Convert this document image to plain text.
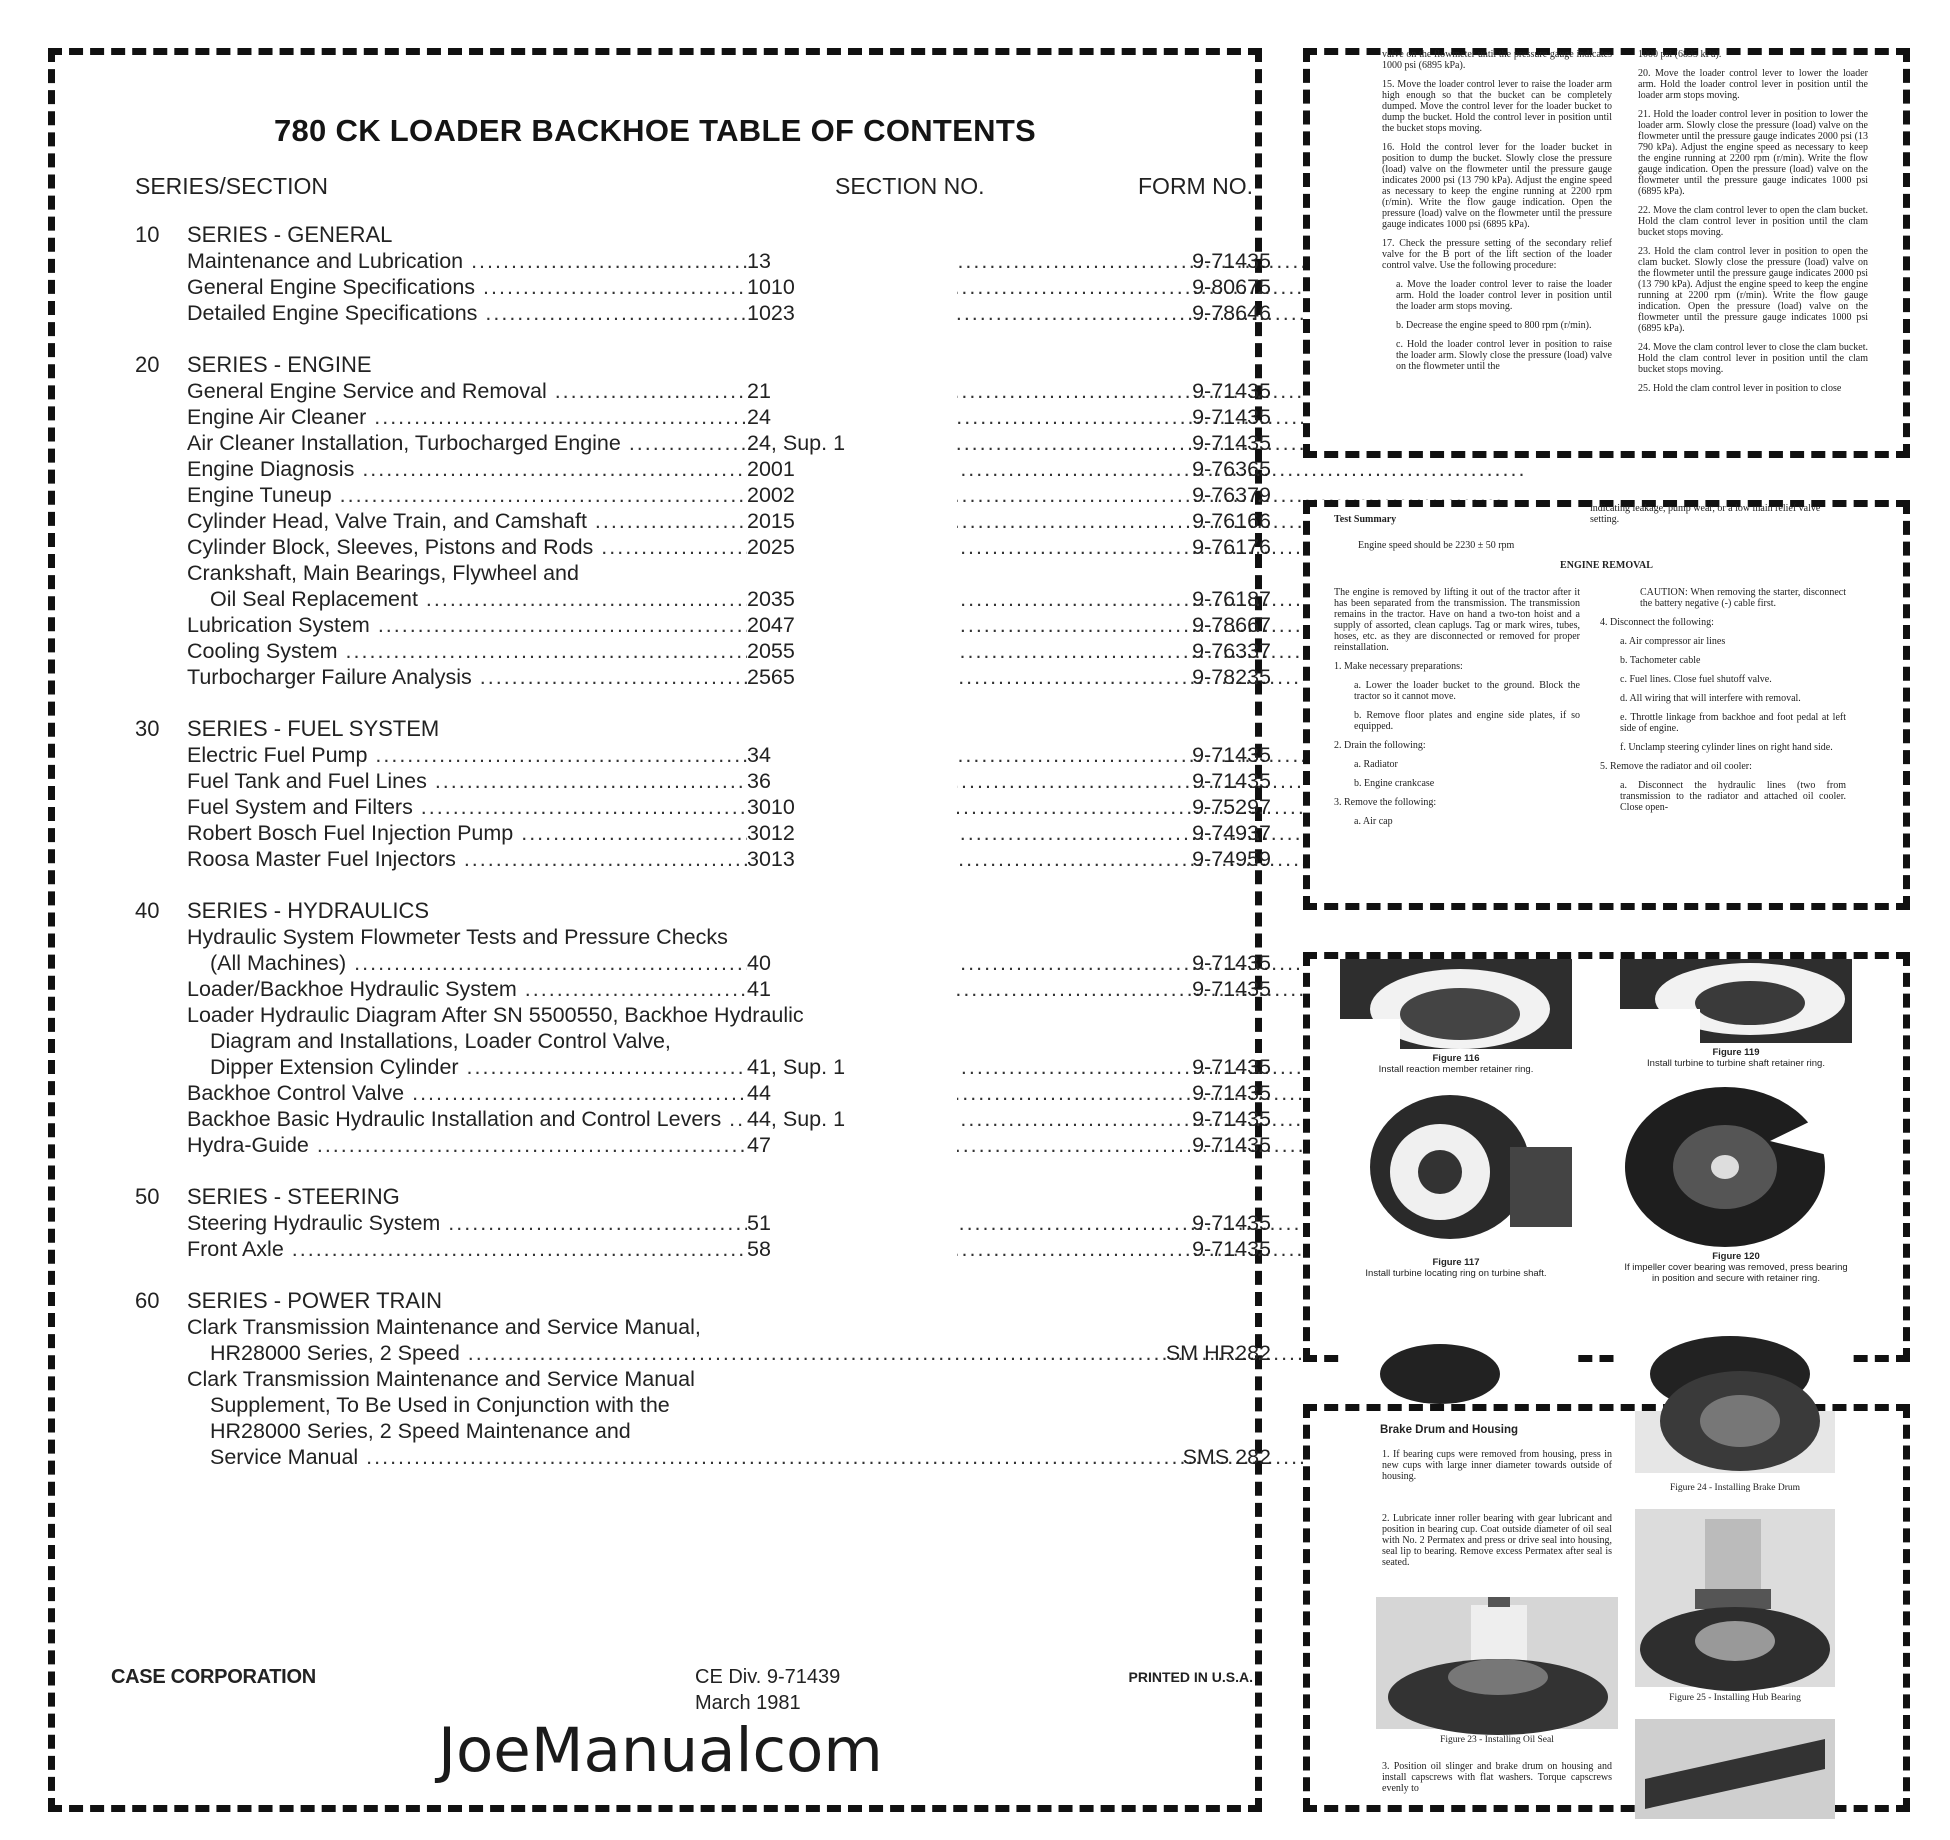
780 CK LOADER BACKHOE TABLE OF CONTENTS
SERIES/SECTION	SECTION NO.	FORM NO.
10	SERIES - GENERAL
Maintenance and Lubrication .....	13	9-71435
General Engine Specifications .....	1010	9-80675
Detailed Engine Specifications .....	1023	9-78646
20	SERIES - ENGINE
General Engine Service and Removal .....	21	9-71435
Engine Air Cleaner .....	24	9-71435
Air Cleaner Installation, Turbocharged Engine .....	24, Sup. 1	9-71435
Engine Diagnosis .....	2001	9-76365
Engine Tuneup .....	2002	9-76379
Cylinder Head, Valve Train, and Camshaft .....	2015	9-76166
Cylinder Block, Sleeves, Pistons and Rods .....	2025	9-76176
Crankshaft, Main Bearings, Flywheel and
Oil Seal Replacement .....	2035	9-76187
Lubrication System .....	2047	9-78667
Cooling System .....	2055	9-76337
Turbocharger Failure Analysis .....	2565	9-78235
30	SERIES - FUEL SYSTEM
Electric Fuel Pump .....	34	9-71435
Fuel Tank and Fuel Lines .....	36	9-71435
Fuel System and Filters .....	3010	9-75297
Robert Bosch Fuel Injection Pump .....	3012	9-74937
Roosa Master Fuel Injectors .....	3013	9-74959
40	SERIES - HYDRAULICS
Hydraulic System Flowmeter Tests and Pressure Checks
(All Machines) .....	40	9-71435
Loader/Backhoe Hydraulic System .....	41	9-71435
Loader Hydraulic Diagram After SN 5500550, Backhoe Hydraulic
Diagram and Installations, Loader Control Valve,
Dipper Extension Cylinder .....	41, Sup. 1	9-71435
Backhoe Control Valve .....	44	9-71435
Backhoe Basic Hydraulic Installation and Control Levers .....	44, Sup. 1	9-71435
Hydra-Guide .....	47	9-71435
50	SERIES - STEERING
Steering Hydraulic System .....	51	9-71435
Front Axle .....	58	9-71435
60	SERIES - POWER TRAIN
Clark Transmission Maintenance and Service Manual,
HR28000 Series, 2 Speed .....	SM HR282
Clark Transmission Maintenance and Service Manual
Supplement, To Be Used in Conjunction with the
HR28000 Series, 2 Speed Maintenance and
Service Manual .....	SMS 282
CASE CORPORATION	CE Div. 9-71439
March 1981
PRINTED IN U.S.A.
JoeManualcom

valve on the flowmeter until the pressure gauge indicates 1000 psi (6895 kPa).

15. Move the loader control lever to raise the loader arm high enough so that the bucket can be completely dumped. Move the control lever for the loader bucket to dump the bucket. Hold the control lever in position until the bucket stops moving.

16. Hold the control lever for the loader bucket in position to dump the bucket. Slowly close the pressure (load) valve on the flowmeter until the pressure gauge indicates 2000 psi (13 790 kPa). Adjust the engine speed as necessary to keep the engine running at 2200 rpm (r/min). Write the flow gauge indication. Open the pressure (load) valve on the flowmeter until the pressure gauge indicates 1000 psi (6895 kPa).

17. Check the pressure setting of the secondary relief valve for the B port of the lift section of the loader control valve. Use the following procedure:

a. Move the loader control lever to raise the loader arm. Hold the loader control lever in position until the loader arm stops moving.

b. Decrease the engine speed to 800 rpm (r/min).

c. Hold the loader control lever in position to raise the loader arm. Slowly close the pressure (load) valve on the flowmeter until the

1000 psi (6895 kPa).

20. Move the loader control lever to lower the loader arm. Hold the loader control lever in position until the loader arm stops moving.

21. Hold the loader control lever in position to lower the loader arm. Slowly close the pressure (load) valve on the flowmeter until the pressure gauge indicates 2000 psi (13 790 kPa). Adjust the engine speed as necessary to keep the engine running at 2200 rpm (r/min). Write the flow gauge indication. Open the pressure (load) valve on the flowmeter until the pressure gauge indicates 1000 psi (6895 kPa).

22. Move the clam control lever to open the clam bucket. Hold the clam control lever in position until the clam bucket stops moving.

23. Hold the clam control lever in position to open the clam bucket. Slowly close the pressure (load) valve on the flowmeter until the pressure gauge indicates 2000 psi (13 790 kPa). Adjust the engine speed to keep the engine running at 2200 rpm (r/min). Write the flow gauge indication. Open the pressure (load) valve on the flowmeter until the pressure gauge indicates 1000 psi (6895 kPa).

24. Move the clam control lever to close the clam bucket. Hold the clam control lever in position until the clam bucket stops moving.

25. Hold the clam control lever in position to close

Test Summary
indicating leakage, pump wear, or a low main relief valve setting.
Engine speed should be 2230 ± 50 rpm
ENGINE REMOVAL

The engine is removed by lifting it out of the tractor after it has been separated from the transmission. The transmission remains in the tractor. Have on hand a two-ton hoist and a supply of assorted, clean caplugs. Tag or mark wires, tubes, hoses, etc. as they are disconnected or removed for proper reinstallation.

1. Make necessary preparations:

a. Lower the loader bucket to the ground. Block the tractor so it cannot move.

b. Remove floor plates and engine side plates, if so equipped.

2. Drain the following:

a. Radiator

b. Engine crankcase

3. Remove the following:

a. Air cap

CAUTION: When removing the starter, disconnect the battery negative (-) cable first.

4. Disconnect the following:

a. Air compressor air lines

b. Tachometer cable

c. Fuel lines. Close fuel shutoff valve.

d. All wiring that will interfere with removal.

e. Throttle linkage from backhoe and foot pedal at left side of engine.

f. Unclamp steering cylinder lines on right hand side.

5. Remove the radiator and oil cooler:

a. Disconnect the hydraulic lines (two from transmission to the radiator and attached oil cooler. Close open-

Figure 116
Install reaction member retainer ring.
Figure 119
Install turbine to turbine shaft retainer ring.
Figure 117
Install turbine locating ring on turbine shaft.
Figure 120
If impeller cover bearing was removed, press bearing in position and secure with retainer ring.
Brake Drum and Housing
1. If bearing cups were removed from housing, press in new cups with large inner diameter towards outside of housing.
2. Lubricate inner roller bearing with gear lubricant and position in bearing cup. Coat outside diameter of oil seal with No. 2 Permatex and press or drive seal into housing, seal lip to bearing. Remove excess Permatex after seal is seated.
Figure 24 - Installing Brake Drum
Figure 25 - Installing Hub Bearing
Figure 23 - Installing Oil Seal
3. Position oil slinger and brake drum on housing and install capscrews with flat washers. Torque capscrews evenly to
